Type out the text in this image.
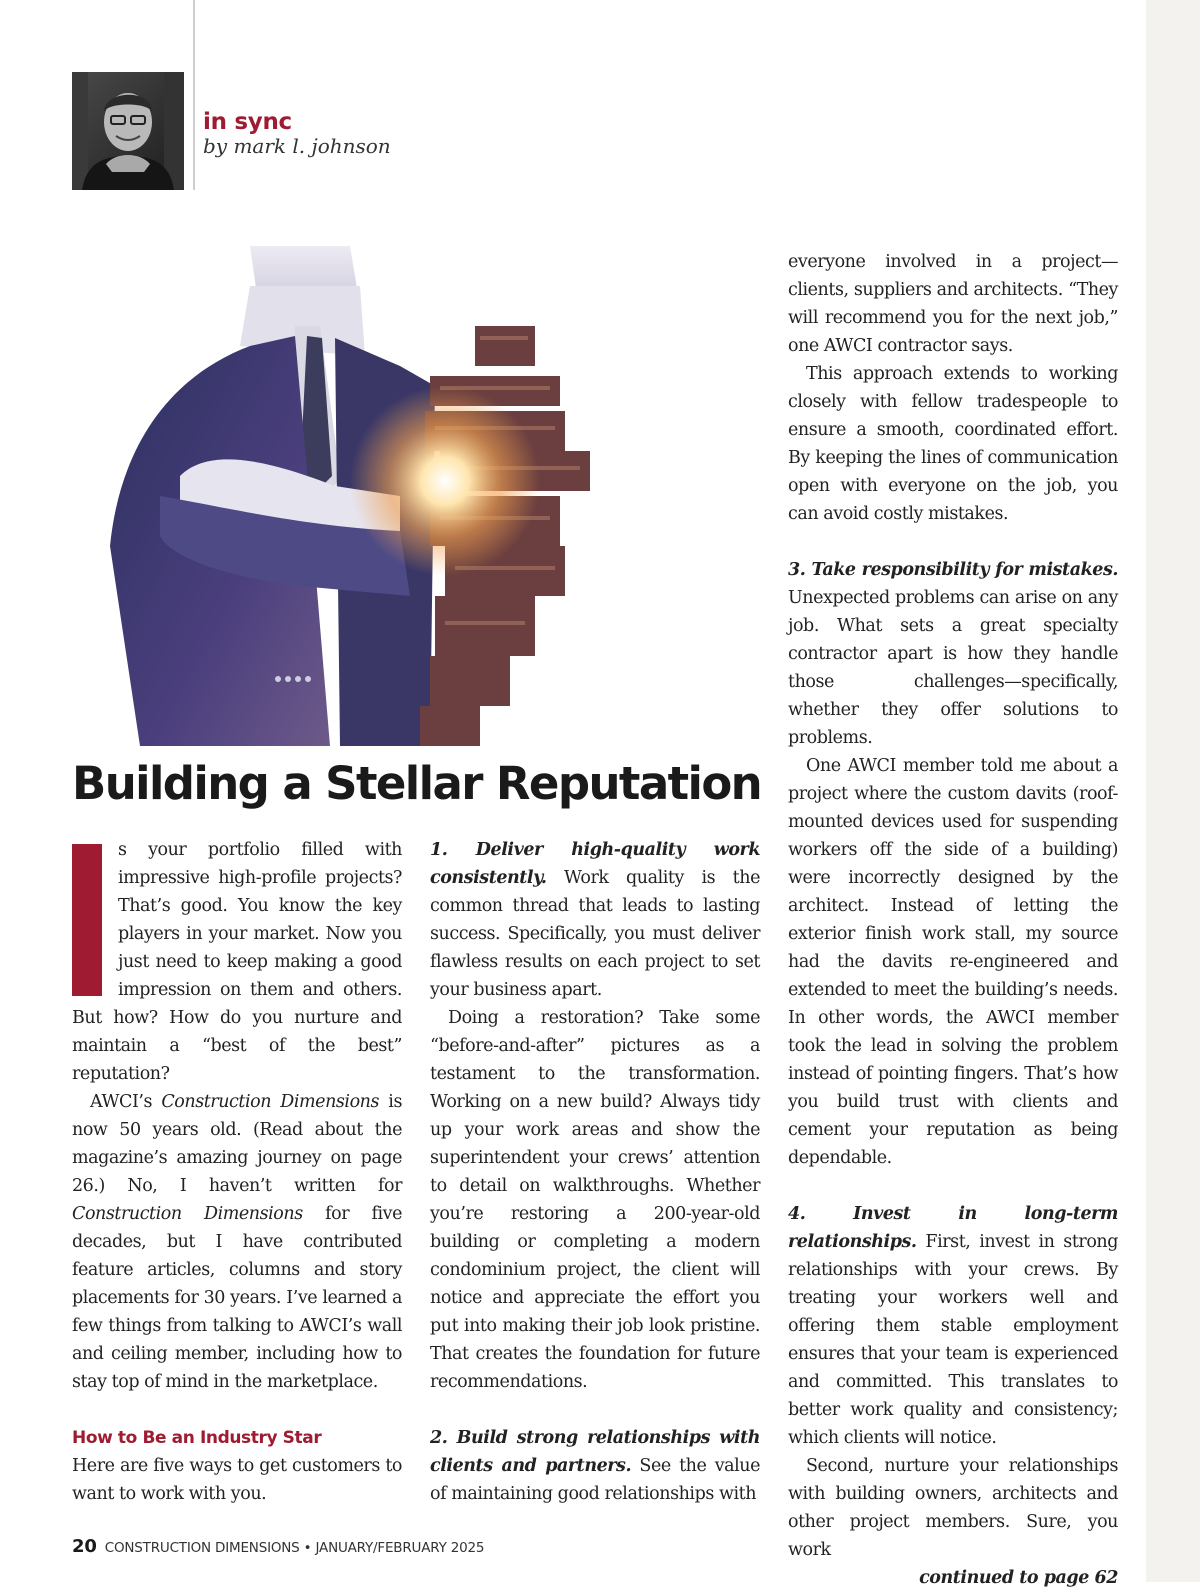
in sync
by mark l. johnson
Building a Stellar Reputation

s your portfolio filled with impressive high-profile projects? That’s good. You know the key players in your market. Now you just need to keep making a good impression on them and others. But how? How do you nurture and maintain a “best of the best” reputation?

AWCI’s Construction Dimensions is now 50 years old. (Read about the magazine’s amazing journey on page 26.) No, I haven’t written for Construction Dimensions for five decades, but I have contributed feature articles, columns and story placements for 30 years. I’ve learned a few things from talking to AWCI’s wall and ceiling member, including how to stay top of mind in the marketplace.

How to Be an Industry Star

Here are five ways to get customers to want to work with you.

1. Deliver high-quality work consistently. Work quality is the common thread that leads to lasting success. Specifically, you must deliver flawless results on each project to set your business apart.

Doing a restoration? Take some “before-and-after” pictures as a testament to the transformation. Working on a new build? Always tidy up your work areas and show the superintendent your crews’ attention to detail on walkthroughs. Whether you’re restoring a 200-year-old building or completing a modern condominium project, the client will notice and appreciate the effort you put into making their job look pristine. That creates the foundation for future recommendations.

2. Build strong relationships with clients and partners. See the value of maintaining good relationships with

everyone involved in a project—clients, suppliers and architects. “They will recommend you for the next job,” one AWCI contractor says.

This approach extends to working closely with fellow tradespeople to ensure a smooth, coordinated effort. By keeping the lines of communication open with everyone on the job, you can avoid costly mistakes.

3. Take responsibility for mistakes. Unexpected problems can arise on any job. What sets a great specialty contractor apart is how they handle those challenges—specifically, whether they offer solutions to problems.

One AWCI member told me about a project where the custom davits (roof-mounted devices used for suspending workers off the side of a building) were incorrectly designed by the architect. Instead of letting the exterior finish work stall, my source had the davits re-engineered and extended to meet the building’s needs. In other words, the AWCI member took the lead in solving the problem instead of pointing fingers. That’s how you build trust with clients and cement your reputation as being dependable.

4. Invest in long-term relationships. First, invest in strong relationships with your crews. By treating your workers well and offering them stable employment ensures that your team is experienced and committed. This translates to better work quality and consistency; which clients will notice.

Second, nurture your relationships with building owners, architects and other project members. Sure, you work

continued to page 62

20 CONSTRUCTION DIMENSIONS • JANUARY/FEBRUARY 2025
